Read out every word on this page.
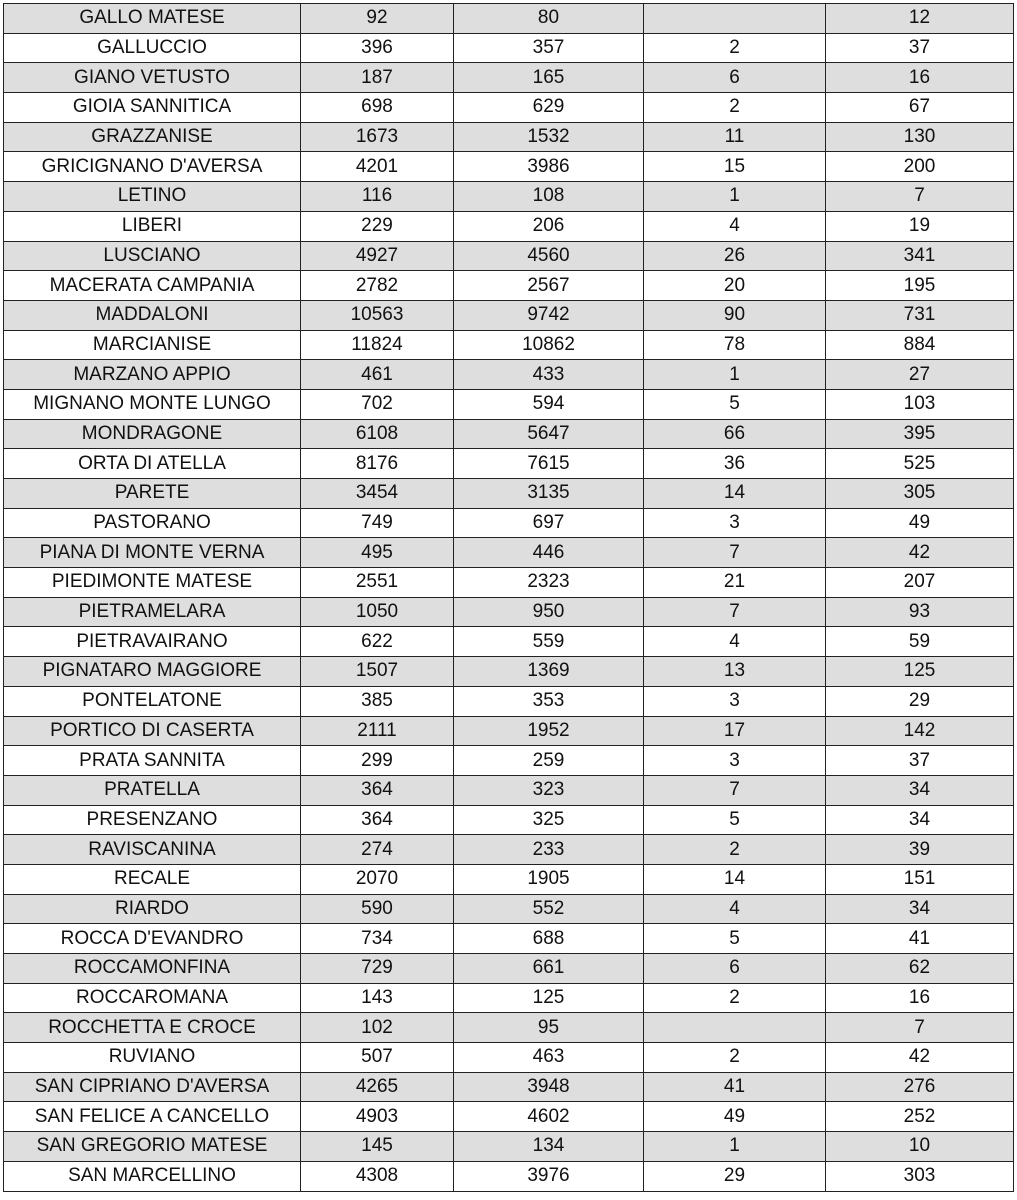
GALLO MATESE	92	80		12
GALLUCCIO	396	357	2	37
GIANO VETUSTO	187	165	6	16
GIOIA SANNITICA	698	629	2	67
GRAZZANISE	1673	1532	11	130
GRICIGNANO D'AVERSA	4201	3986	15	200
LETINO	116	108	1	7
LIBERI	229	206	4	19
LUSCIANO	4927	4560	26	341
MACERATA CAMPANIA	2782	2567	20	195
MADDALONI	10563	9742	90	731
MARCIANISE	11824	10862	78	884
MARZANO APPIO	461	433	1	27
MIGNANO MONTE LUNGO	702	594	5	103
MONDRAGONE	6108	5647	66	395
ORTA DI ATELLA	8176	7615	36	525
PARETE	3454	3135	14	305
PASTORANO	749	697	3	49
PIANA DI MONTE VERNA	495	446	7	42
PIEDIMONTE MATESE	2551	2323	21	207
PIETRAMELARA	1050	950	7	93
PIETRAVAIRANO	622	559	4	59
PIGNATARO MAGGIORE	1507	1369	13	125
PONTELATONE	385	353	3	29
PORTICO DI CASERTA	2111	1952	17	142
PRATA SANNITA	299	259	3	37
PRATELLA	364	323	7	34
PRESENZANO	364	325	5	34
RAVISCANINA	274	233	2	39
RECALE	2070	1905	14	151
RIARDO	590	552	4	34
ROCCA D'EVANDRO	734	688	5	41
ROCCAMONFINA	729	661	6	62
ROCCAROMANA	143	125	2	16
ROCCHETTA E CROCE	102	95		7
RUVIANO	507	463	2	42
SAN CIPRIANO D'AVERSA	4265	3948	41	276
SAN FELICE A CANCELLO	4903	4602	49	252
SAN GREGORIO MATESE	145	134	1	10
SAN MARCELLINO	4308	3976	29	303
